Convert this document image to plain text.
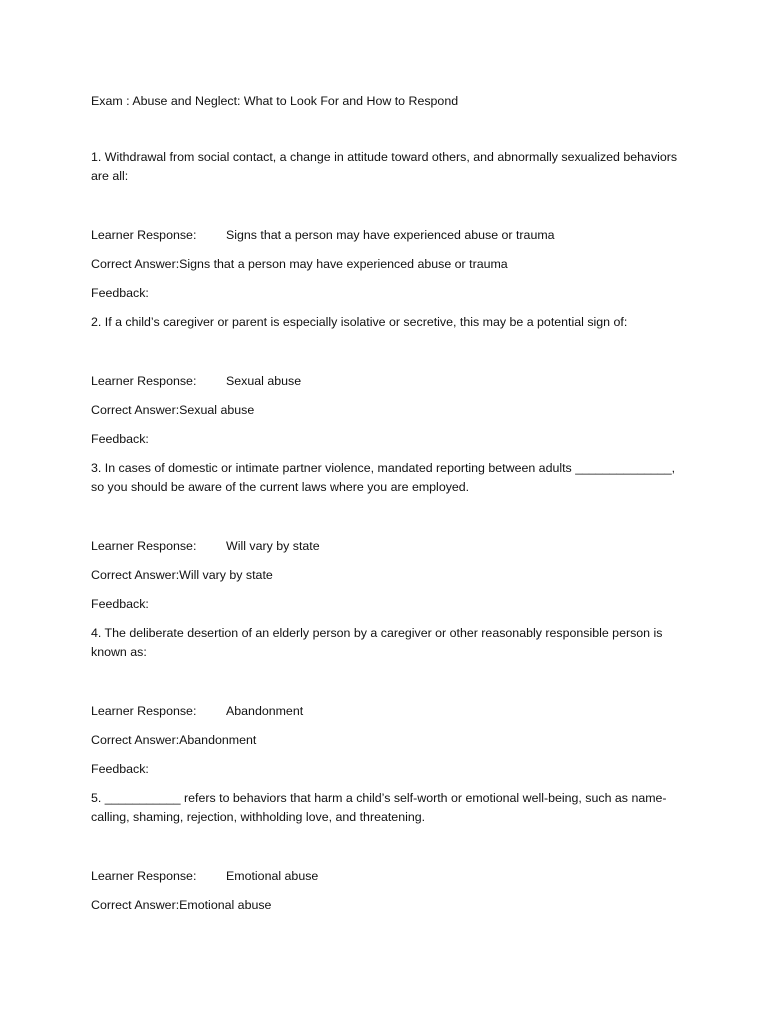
Exam : Abuse and Neglect: What to Look For and How to Respond

1. Withdrawal from social contact, a change in attitude toward others, and abnormally sexualized behaviors are all:

Learner Response: Signs that a person may have experienced abuse or trauma

Correct Answer:Signs that a person may have experienced abuse or trauma

Feedback:

2. If a child’s caregiver or parent is especially isolative or secretive, this may be a potential sign of:

Learner Response: Sexual abuse

Correct Answer:Sexual abuse

Feedback:

3. In cases of domestic or intimate partner violence, mandated reporting between adults ______________, so you should be aware of the current laws where you are employed.

Learner Response: Will vary by state

Correct Answer:Will vary by state

Feedback:

4. The deliberate desertion of an elderly person by a caregiver or other reasonably responsible person is known as:

Learner Response: Abandonment

Correct Answer:Abandonment

Feedback:

5. ___________ refers to behaviors that harm a child’s self-worth or emotional well-being, such as name-calling, shaming, rejection, withholding love, and threatening.

Learner Response: Emotional abuse

Correct Answer:Emotional abuse
